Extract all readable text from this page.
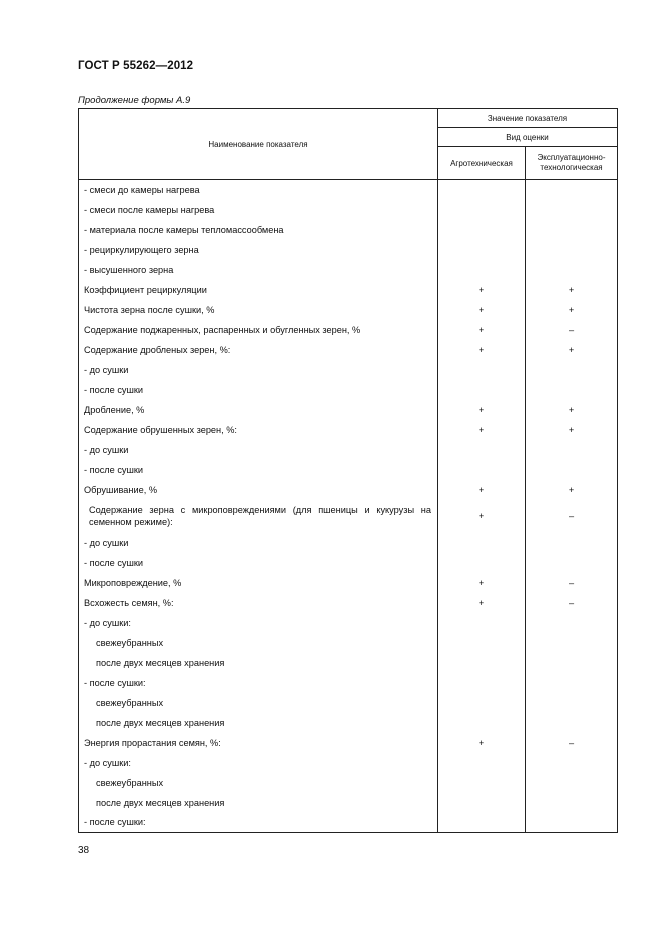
ГОСТ Р 55262—2012
Продолжение формы А.9
Наименование показателя	Значение показателя	
	Вид оценки	
	Агротехническая	Эксплуатационно-
технологическая
- смеси до камеры нагрева		
- смеси после камеры нагрева		
- материала после камеры тепломассообмена		
- рециркулирующего зерна		
- высушенного зерна		
Коэффициент рециркуляции	+	+
Чистота зерна после сушки, %	+	+
Содержание поджаренных, распаренных и обугленных зерен, %	+	–
Содержание дробленых зерен, %:	+	+
- до сушки		
- после сушки		
Дробление, %	+	+
Содержание обрушенных зерен, %:	+	+
- до сушки		
- после сушки		
Обрушивание, %	+	+
Содержание зерна с микроповреждениями (для пшеницы и кукурузы на семенном режиме):	+	–
- до сушки		
- после сушки		
Микроповреждение, %	+	–
Всхожесть семян, %:	+	–
- до сушки:		
свежеубранных		
после двух месяцев хранения		
- после сушки:		
свежеубранных		
после двух месяцев хранения		
Энергия прорастания семян, %:	+	–
- до сушки:		
свежеубранных		
после двух месяцев хранения		
- после сушки:		
38
